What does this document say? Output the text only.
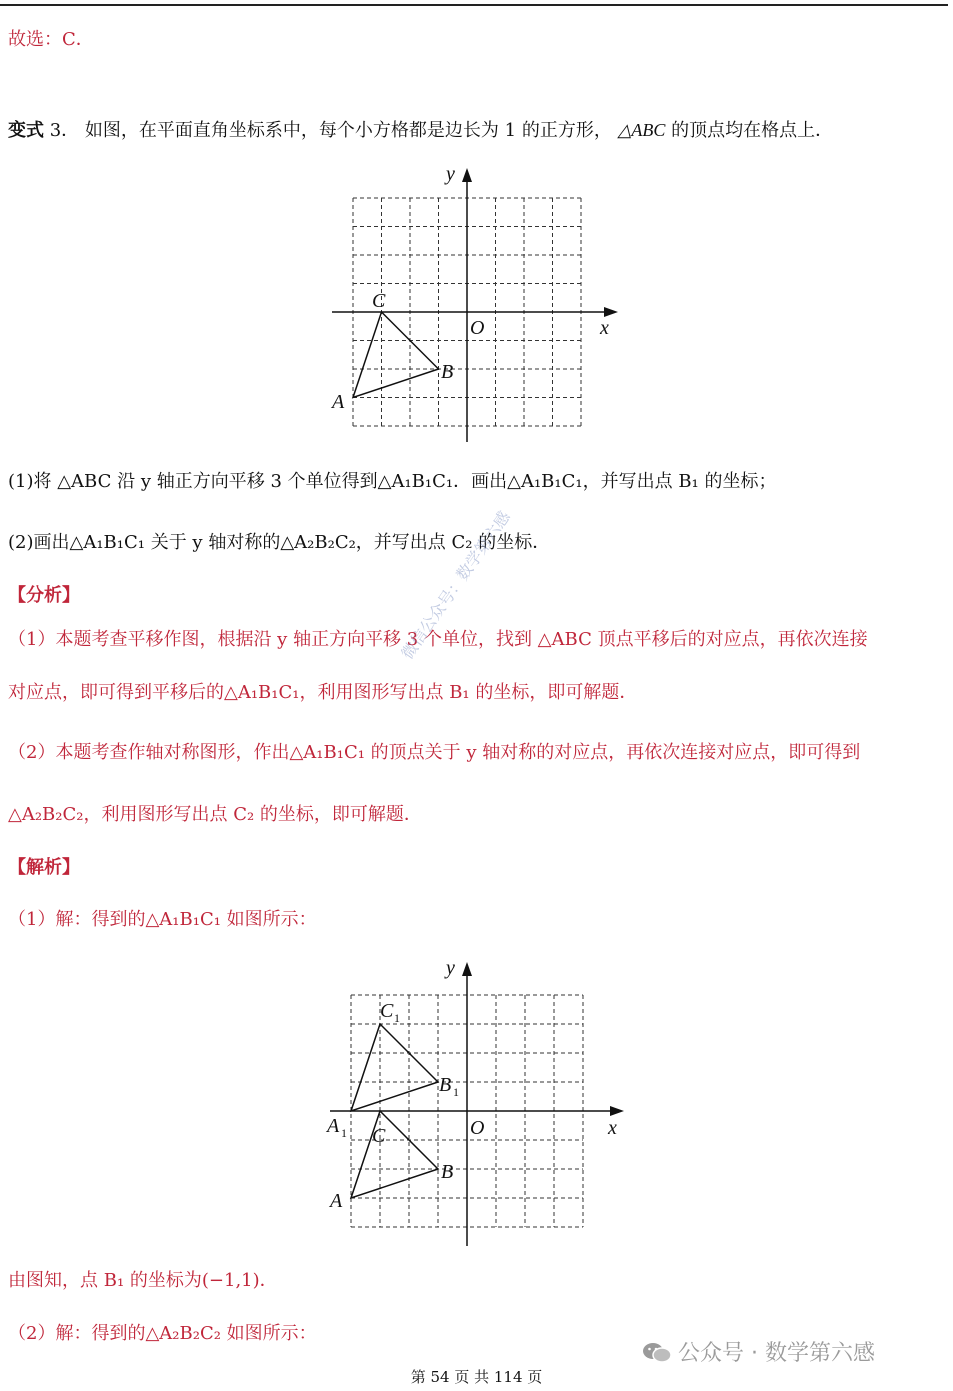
故选：C．
变式 3． 如图，在平面直角坐标系中，每个小方格都是边长为 1 的正方形， △ABC 的顶点均在格点上．
x
y
O
C
B
A
(1)将 △ABC 沿 y 轴正方向平移 3 个单位得到△A₁B₁C₁．画出△A₁B₁C₁，并写出点 B₁ 的坐标；
(2)画出△A₁B₁C₁ 关于 y 轴对称的△A₂B₂C₂，并写出点 C₂ 的坐标．
【分析】
（1）本题考查平移作图，根据沿 y 轴正方向平移 3 个单位，找到 △ABC 顶点平移后的对应点，再依次连接
对应点，即可得到平移后的△A₁B₁C₁，利用图形写出点 B₁ 的坐标，即可解题．
（2）本题考查作轴对称图形，作出△A₁B₁C₁ 的顶点关于 y 轴对称的对应点，再依次连接对应点，即可得到
△A₂B₂C₂，利用图形写出点 C₂ 的坐标，即可解题．
【解析】
（1）解：得到的△A₁B₁C₁ 如图所示：
x
y
O
C 1
B 1
A 1 C
B
A
由图知，点 B₁ 的坐标为(−1,1)．
（2）解：得到的△A₂B₂C₂ 如图所示：
公众号 · 数学第六感
微信公众号：数学第六感
第 54 页 共 114 页
